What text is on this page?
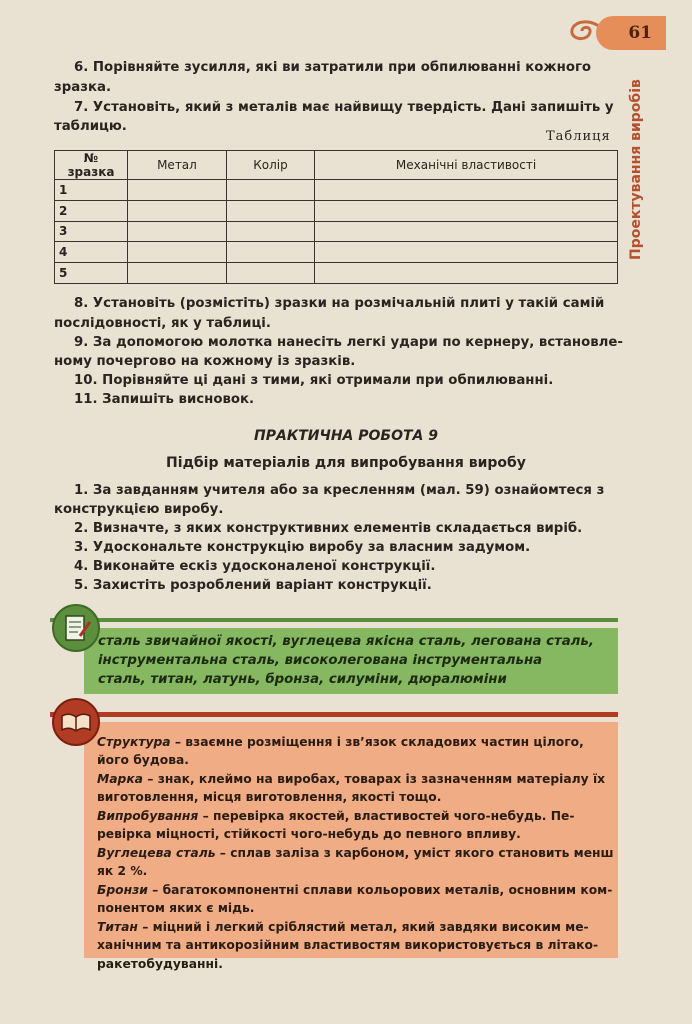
61
Проектування виробів

6. Порівняйте зусилля, які ви затратили при обпилюванні кожного

зразка.

7. Установіть, який з металів має найвищу твердість. Дані запишіть у

таблицю.

Таблиця
№ зразка	Метал	Колір	Механічні властивості
1			
2			
3			
4			
5			

8. Установіть (розмістіть) зразки на розмічальній плиті у такій самій

послідовності, як у таблиці.

9. За допомогою молотка нанесіть легкі удари по кернеру, встановле-

ному почергово на кожному із зразків.

10. Порівняйте ці дані з тими, які отримали при обпилюванні.

11. Запишіть висновок.

ПРАКТИЧНА РОБОТА 9
Підбір матеріалів для випробування виробу

1. За завданням учителя або за кресленням (мал. 59) ознайомтеся з

конструкцією виробу.

2. Визначте, з яких конструктивних елементів складається виріб.

3. Удоскональте конструкцію виробу за власним задумом.

4. Виконайте ескіз удосконаленої конструкції.

5. Захистіть розроблений варіант конструкції.

сталь звичайної якості, вуглецева якісна сталь, легована сталь,
інструментальна сталь, високолегована інструментальна
сталь, титан, латунь, бронза, силуміни, дюралюміни

Структура – взаємне розміщення і зв’язок складових частин цілого,

його будова.

Марка – знак, клеймо на виробах, товарах із зазначенням матеріалу їх

виготовлення, місця виготовлення, якості тощо.

Випробування – перевірка якостей, властивостей чого-небудь. Пе-

ревірка міцності, стійкості чого-небудь до певного впливу.

Вуглецева сталь – сплав заліза з карбоном, уміст якого становить менш

як 2 %.

Бронзи – багатокомпонентні сплави кольорових металів, основним ком-

понентом яких є мідь.

Титан – міцний і легкий сріблястий метал, який завдяки високим ме-

ханічним та антикорозійним властивостям використовується в літако-

ракетобудуванні.
